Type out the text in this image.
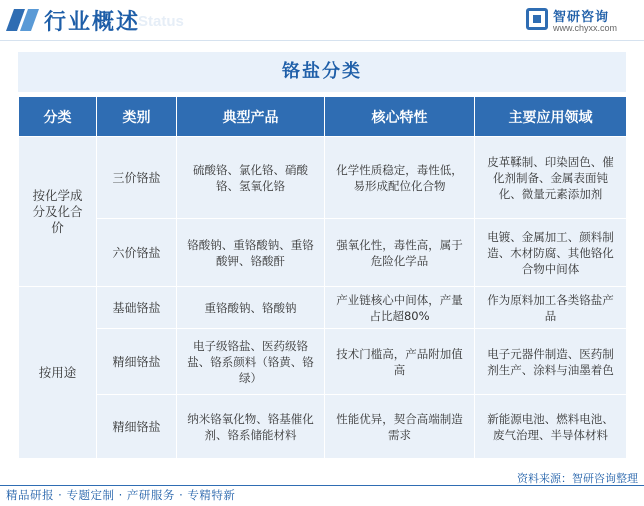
行业概述
Status	智研咨询
www.chyxx.com
铬盐分类
分类	类别	典型产品	核心特性	主要应用领域
按化学成分及化合价	三价铬盐	硫酸铬、氯化铬、硝酸铬、氢氧化铬	化学性质稳定，毒性低，易形成配位化合物	皮革鞣制、印染固色、催化剂制备、金属表面钝化、微量元素添加剂
	六价铬盐	铬酸钠、重铬酸钠、重铬酸钾、铬酸酐	强氧化性，毒性高，属于危险化学品	电镀、金属加工、颜料制造、木材防腐、其他铬化合物中间体
按用途	基础铬盐	重铬酸钠、铬酸钠	产业链核心中间体，产量占比超80%	作为原料加工各类铬盐产品
	精细铬盐	电子级铬盐、医药级铬盐、铬系颜料（铬黄、铬绿）	技术门槛高，产品附加值高	电子元器件制造、医药制剂生产、涂料与油墨着色
	精细铬盐	纳米铬氧化物、铬基催化剂、铬系储能材料	性能优异，契合高端制造需求	新能源电池、燃料电池、废气治理、半导体材料
资料来源：智研咨询整理
精品研报 · 专题定制 · 产研服务 · 专精特新
